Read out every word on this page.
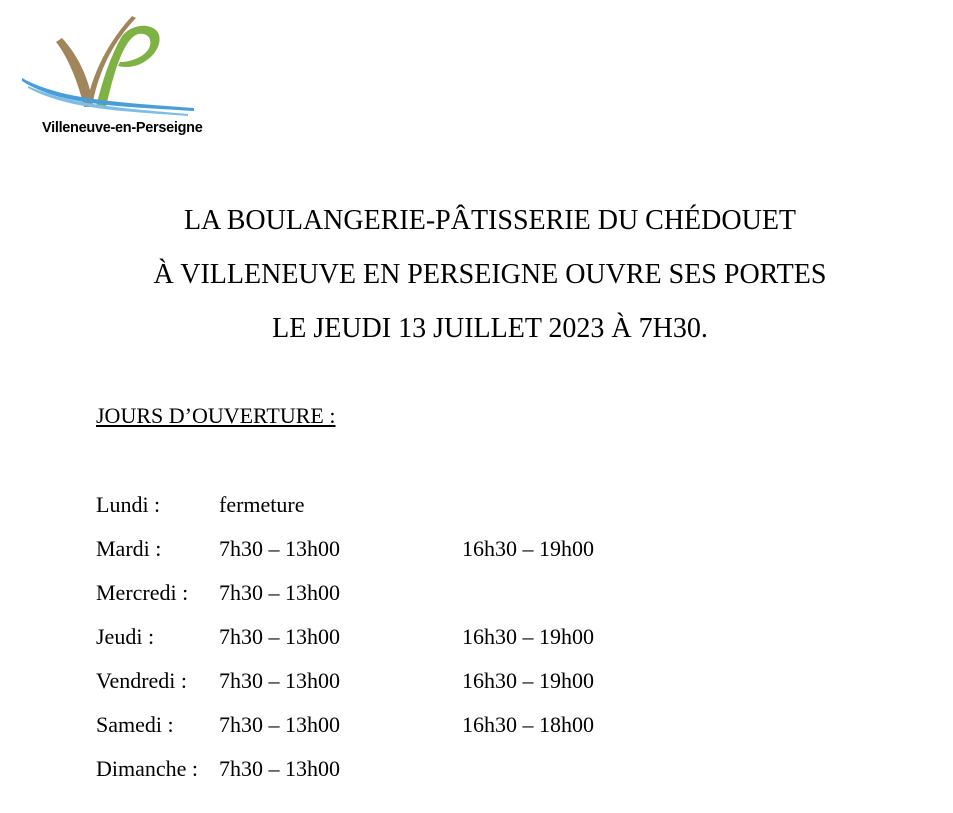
Villeneuve-en-Perseigne
LA BOULANGERIE-PÂTISSERIE DU CHÉDOUET
À VILLENEUVE EN PERSEIGNE OUVRE SES PORTES
LE JEUDI 13 JUILLET 2023 À 7H30.
JOURS D’OUVERTURE :
Lundi :	fermeture
Mardi :	7h30 – 13h00	16h30 – 19h00
Mercredi : 7h30 – 13h00
Jeudi :	7h30 – 13h00	16h30 – 19h00
Vendredi : 7h30 – 13h00	16h30 – 19h00
Samedi : 7h30 – 13h00	16h30 – 18h00
Dimanche : 7h30 – 13h00
